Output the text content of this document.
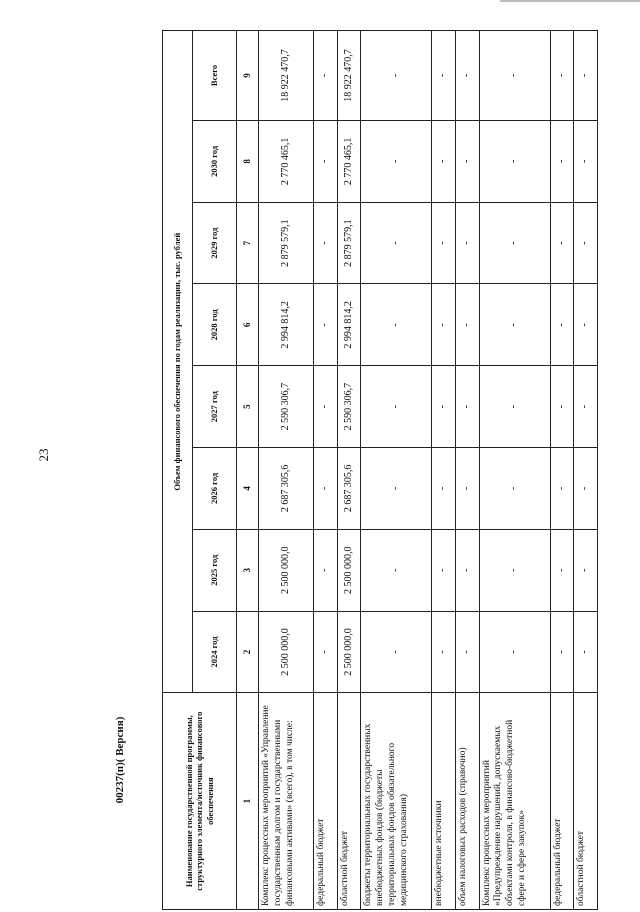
23
Наименование государственной программы, структурного элемента/источник финансового обеспечения	Объем финансового обеспечения по годам реализации, тыс. рублей							
	2024 год	2025 год	2026 год	2027 год	2028 год	2029 год	2030 год	Всего
1	2	3	4	5	6	7	8	9
Комплекс процессных мероприятий «Управление государственным долгом и государственными финансовыми активами» (всего), в том числе:	2 500 000,0	2 500 000,0	2 687 305,6	2 590 306,7	2 994 814,2	2 879 579,1	2 770 465,1	18 922 470,7
федеральный бюджет	-	-	-	-	-	-	-	-
областной бюджет	2 500 000,0	2 500 000,0	2 687 305,6	2 590 306,7	2 994 814,2	2 879 579,1	2 770 465,1	18 922 470,7
бюджеты территориальных государственных внебюджетных фондов (бюджеты территориальных фондов обязательного медицинского страхования)	-	-	-	-	-	-	-	-
внебюджетные источники	-	-	-	-	-	-	-	-
объем налоговых расходов (справочно)	-	-	-	-	-	-	-	-
Комплекс процессных мероприятий «Предупреждение нарушений, допускаемых объектами контроля, в финансово-бюджетной сфере и сфере закупок»	-	-	-	-	-	-	-	-
федеральный бюджет	-	-	-	-	-	-	-	-
областной бюджет	-	-	-	-	-	-	-	-
00237(п)( Версия)
